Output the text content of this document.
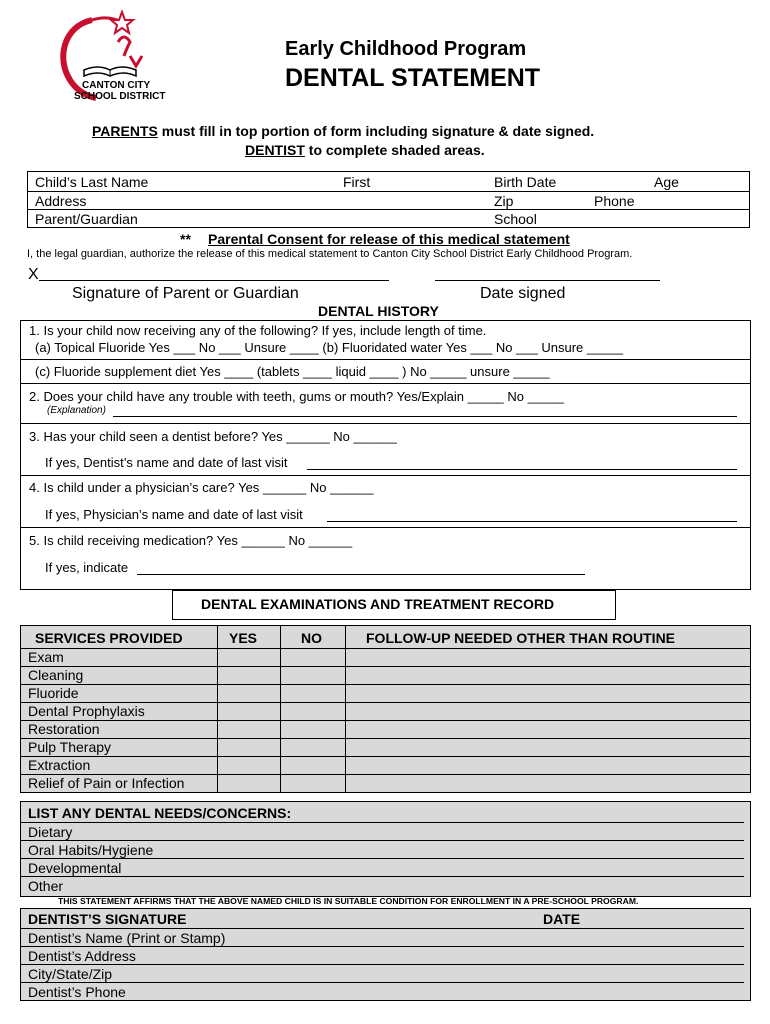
CANTON CITY
SCHOOL DISTRICT
Early Childhood Program
DENTAL STATEMENT
PARENTS must fill in top portion of form including signature & date signed.
DENTIST to complete shaded areas.
Child’s Last Name	First	Birth Date	Age
Address	Zip	Phone
Parent/Guardian	School
** Parental Consent for release of this medical statement
I, the legal guardian, authorize the release of this medical statement to Canton City School District Early Childhood Program.
X
Signature of Parent or Guardian	Date signed
DENTAL HISTORY
1. Is your child now receiving any of the following? If yes, include length of time.
(a) Topical Fluoride Yes ___ No ___ Unsure ____ (b) Fluoridated water Yes ___ No ___ Unsure _____
(c) Fluoride supplement diet Yes ____ (tablets ____ liquid ____ ) No _____ unsure _____
2. Does your child have any trouble with teeth, gums or mouth? Yes/Explain _____ No _____
(Explanation)
3. Has your child seen a dentist before? Yes ______ No ______
If yes, Dentist’s name and date of last visit
4. Is child under a physician’s care? Yes ______ No ______
If yes, Physician’s name and date of last visit
5. Is child receiving medication? Yes ______ No ______
If yes, indicate
DENTAL EXAMINATIONS AND TREATMENT RECORD
SERVICES PROVIDED	YES	NO	FOLLOW-UP NEEDED OTHER THAN ROUTINE
Exam
Cleaning
Fluoride
Dental Prophylaxis
Restoration
Pulp Therapy
Extraction
Relief of Pain or Infection
LIST ANY DENTAL NEEDS/CONCERNS:
Dietary
Oral Habits/Hygiene
Developmental
Other
THIS STATEMENT AFFIRMS THAT THE ABOVE NAMED CHILD IS IN SUITABLE CONDITION FOR ENROLLMENT IN A PRE-SCHOOL PROGRAM.
DENTIST’S SIGNATURE	DATE
Dentist’s Name (Print or Stamp)
Dentist’s Address
City/State/Zip
Dentist’s Phone
